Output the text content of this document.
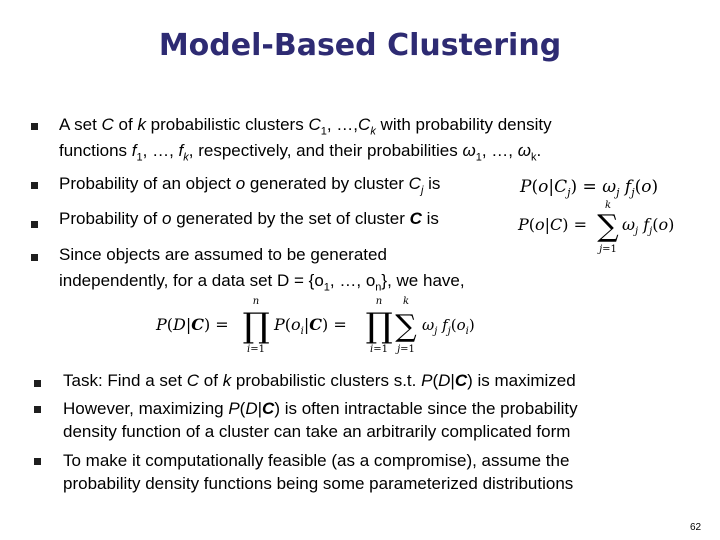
Model-Based Clustering
A set C of k probabilistic clusters $C_1$, $\dots,C_k$ with probability density
functions $f_1$, …, $f_k$, respectively, and their probabilities $\omega_1$, …, $\omega_k$.
Probability of an object o generated by cluster $C_j$ is	$P(o|C_j) = \omega_j$ $f_j(o)$
Probability of o generated by the set of cluster C is	P(o|C) =
k
∑
j=1
$\omega_j$ $f_j(o)$
Since objects are assumed to be generated
independently, for a data set $D = \{o_1$, …, $o_n$}, we have,
P(D|C) =
n
∏
i=1
$P(o_i|C)$ =
n
∏
i=1
k
∑
j=1
$\omega_j$ $f_j(o_i)$
Task: Find a set C of k probabilistic clusters s.t. P(D|C) is maximized
However, maximizing P(D|C) is often intractable since the probability
density function of a cluster can take an arbitrarily complicated form
To make it computationally feasible (as a compromise), assume the
probability density functions being some parameterized distributions
62
